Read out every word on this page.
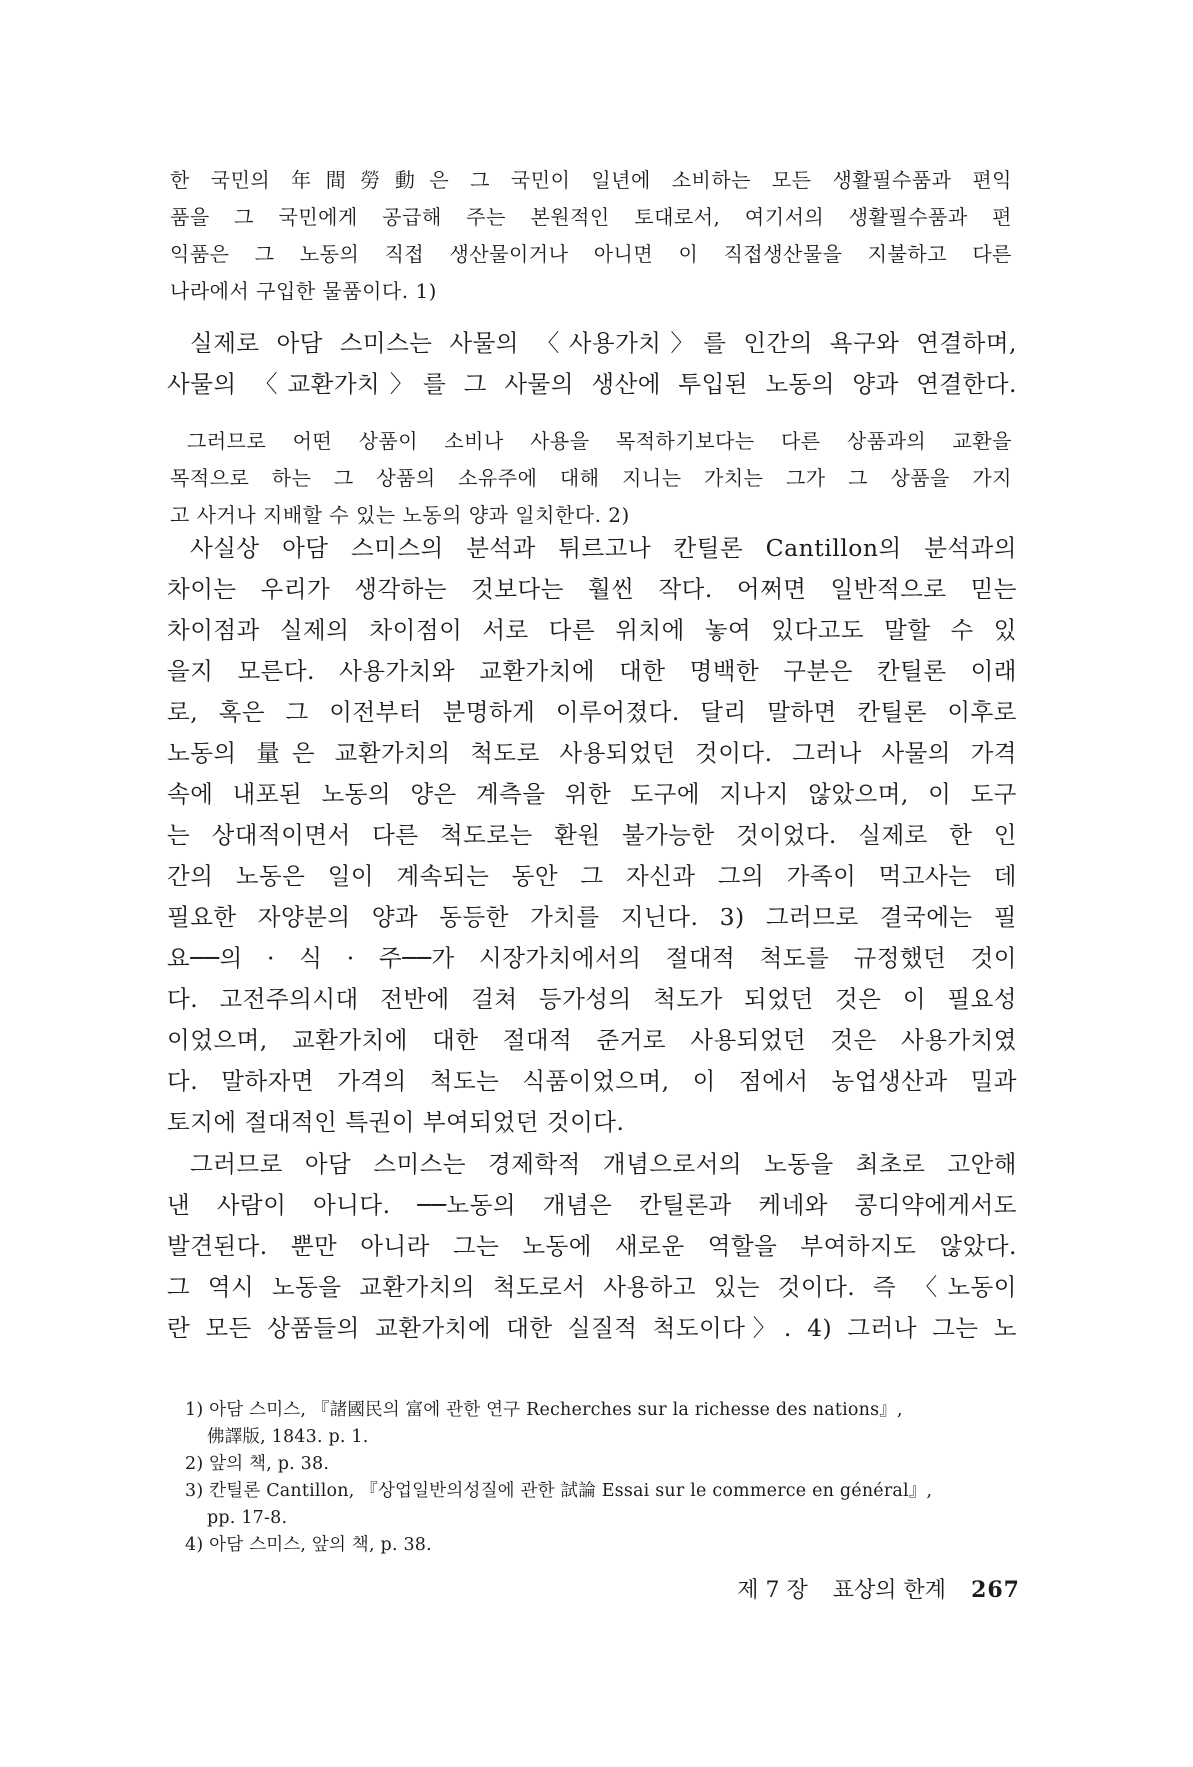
한 국민의 年間勞動은 그 국민이 일년에 소비하는 모든 생활필수품과 편익
품을 그 국민에게 공급해 주는 본원적인 토대로서, 여기서의 생활필수품과 편
익품은 그 노동의 직접 생산물이거나 아니면 이 직접생산물을 지불하고 다른
나라에서 구입한 물품이다. 1)
실제로 아담 스미스는 사물의 〈사용가치〉를 인간의 욕구와 연결하며,
사물의 〈교환가치〉를 그 사물의 생산에 투입된 노동의 양과 연결한다.
그러므로 어떤 상품이 소비나 사용을 목적하기보다는 다른 상품과의 교환을
목적으로 하는 그 상품의 소유주에 대해 지니는 가치는 그가 그 상품을 가지
고 사거나 지배할 수 있는 노동의 양과 일치한다. 2)
사실상 아담 스미스의 분석과 튀르고나 칸틸론 Cantillon의 분석과의
차이는 우리가 생각하는 것보다는 훨씬 작다. 어쩌면 일반적으로 믿는
차이점과 실제의 차이점이 서로 다른 위치에 놓여 있다고도 말할 수 있
을지 모른다. 사용가치와 교환가치에 대한 명백한 구분은 칸틸론 이래
로, 혹은 그 이전부터 분명하게 이루어졌다. 달리 말하면 칸틸론 이후로
노동의 量은 교환가치의 척도로 사용되었던 것이다. 그러나 사물의 가격
속에 내포된 노동의 양은 계측을 위한 도구에 지나지 않았으며, 이 도구
는 상대적이면서 다른 척도로는 환원 불가능한 것이었다. 실제로 한 인
간의 노동은 일이 계속되는 동안 그 자신과 그의 가족이 먹고사는 데
필요한 자양분의 양과 동등한 가치를 지닌다. 3) 그러므로 결국에는 필
요──의 · 식 · 주──가 시장가치에서의 절대적 척도를 규정했던 것이
다. 고전주의시대 전반에 걸쳐 등가성의 척도가 되었던 것은 이 필요성
이었으며, 교환가치에 대한 절대적 준거로 사용되었던 것은 사용가치였
다. 말하자면 가격의 척도는 식품이었으며, 이 점에서 농업생산과 밀과
토지에 절대적인 특권이 부여되었던 것이다.
그러므로 아담 스미스는 경제학적 개념으로서의 노동을 최초로 고안해
낸 사람이 아니다. ──노동의 개념은 칸틸론과 케네와 콩디약에게서도
발견된다. 뿐만 아니라 그는 노동에 새로운 역할을 부여하지도 않았다.
그 역시 노동을 교환가치의 척도로서 사용하고 있는 것이다. 즉 〈노동이
란 모든 상품들의 교환가치에 대한 실질적 척도이다〉. 4) 그러나 그는 노
1) 아담 스미스, 『諸國民의 富에 관한 연구 Recherches sur la richesse des nations』,
佛譯版, 1843. p. 1.
2) 앞의 책, p. 38.
3) 칸틸론 Cantillon, 『상업일반의성질에 관한 試論 Essai sur le commerce en général』,
pp. 17-8.
4) 아담 스미스, 앞의 책, p. 38.
제 7 장 표상의 한계 267
